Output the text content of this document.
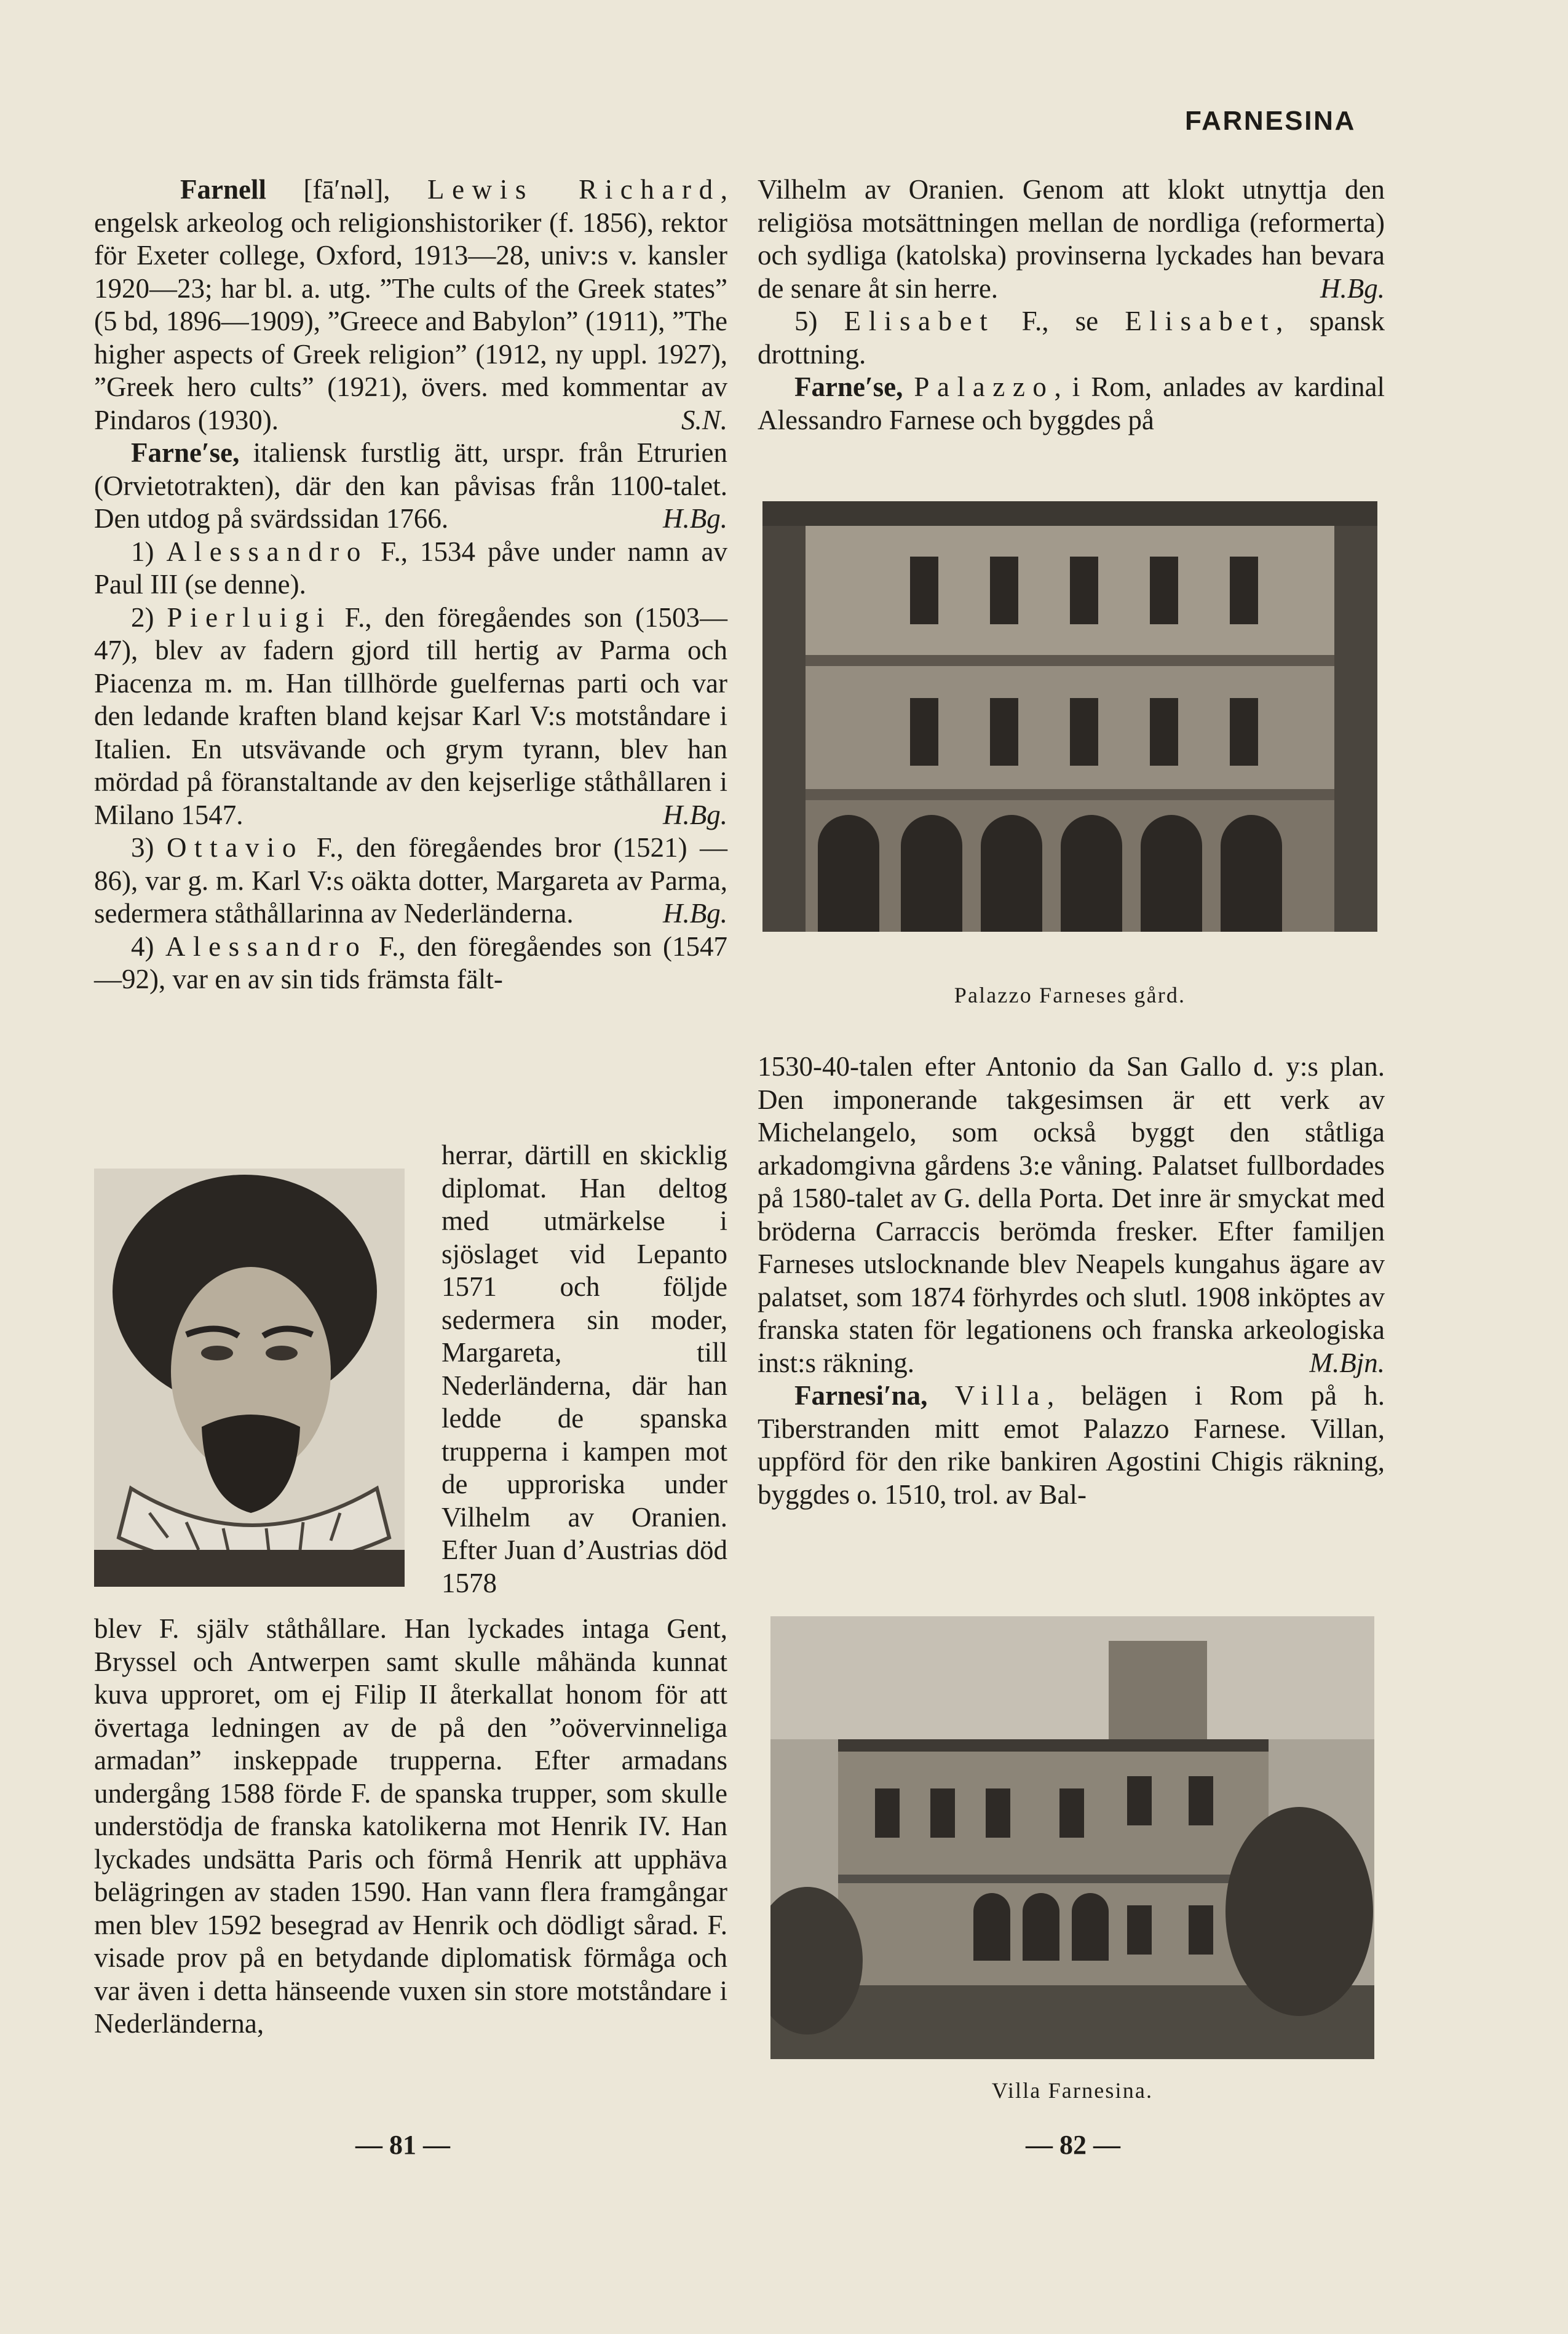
FARNESINA

Farnell [fā′nəl], Lewis Richard, engelsk arkeolog och religionshistoriker (f. 1856), rektor för Exeter college, Oxford, 1913—28, univ:s v. kansler 1920—23; har bl. a. utg. ”The cults of the Greek states” (5 bd, 1896—1909), ”Greece and Babylon” (1911), ”The higher aspects of Greek religion” (1912, ny uppl. 1927), ”Greek hero cults” (1921), övers. med kommentar av Pindaros (1930).	S.N.

Farne′se, italiensk furstlig ätt, urspr. från Etrurien (Orvietotrakten), där den kan påvisas från 1100-talet. Den utdog på svärdssidan 1766.	H.Bg.

1) Alessandro F., 1534 påve under namn av Paul III (se denne).

2) Pierluigi F., den föregåendes son (1503—47), blev av fadern gjord till hertig av Parma och Piacenza m. m. Han tillhörde guelfernas parti och var den ledande kraften bland kejsar Karl V:s motståndare i Italien. En utsvävande och grym tyrann, blev han mördad på föranstaltande av den kejserlige ståthållaren i Milano 1547.	H.Bg.

3) Ottavio F., den föregåendes bror (1521) —86), var g. m. Karl V:s oäkta dotter, Margareta av Parma, sedermera ståthållarinna av Nederländerna.	H.Bg.

4) Alessandro F., den föregåendes son (1547—92), var en av sin tids främsta fält-

herrar, därtill en skicklig diplomat. Han deltog med utmärkelse i sjöslaget vid Lepanto 1571 och följde sedermera sin moder, Margareta, till Nederländerna, där han ledde de spanska trupperna i kampen mot de upproriska under Vilhelm av Oranien. Efter Juan d’Austrias död 1578

blev F. själv ståthållare. Han lyckades intaga Gent, Bryssel och Antwerpen samt skulle måhända kunnat kuva upproret, om ej Filip II återkallat honom för att övertaga ledningen av de på den ”oövervinneliga armadan” inskeppade trupperna. Efter armadans undergång 1588 förde F. de spanska trupper, som skulle understödja de franska katolikerna mot Henrik IV. Han lyckades undsätta Paris och förmå Henrik att upphäva belägringen av staden 1590. Han vann flera framgångar men blev 1592 besegrad av Henrik och dödligt sårad. F. visade prov på en betydande diplomatisk förmåga och var även i detta hänseende vuxen sin store motståndare i Nederländerna,

Vilhelm av Oranien. Genom att klokt utnyttja den religiösa motsättningen mellan de nordliga (reformerta) och sydliga (katolska) provinserna lyckades han bevara de senare åt sin herre.	H.Bg.

5) Elisabet F., se Elisabet, spansk drottning.

Farne′se, Palazzo, i Rom, anlades av kardinal Alessandro Farnese och byggdes på

Palazzo Farneses gård.

1530-40-talen efter Antonio da San Gallo d. y:s plan. Den imponerande takgesimsen är ett verk av Michelangelo, som också byggt den ståtliga arkadomgivna gårdens 3:e våning. Palatset fullbordades på 1580-talet av G. della Porta. Det inre är smyckat med bröderna Carraccis berömda fresker. Efter familjen Farneses utslocknande blev Neapels kungahus ägare av palatset, som 1874 förhyrdes och slutl. 1908 inköptes av franska staten för legationens och franska arkeologiska inst:s räkning.	M.Bjn.

Farnesi′na, Villa, belägen i Rom på h. Tiberstranden mitt emot Palazzo Farnese. Villan, uppförd för den rike bankiren Agostini Chigis räkning, byggdes o. 1510, trol. av Bal-

Villa Farnesina.
— 81 —	— 82 —
